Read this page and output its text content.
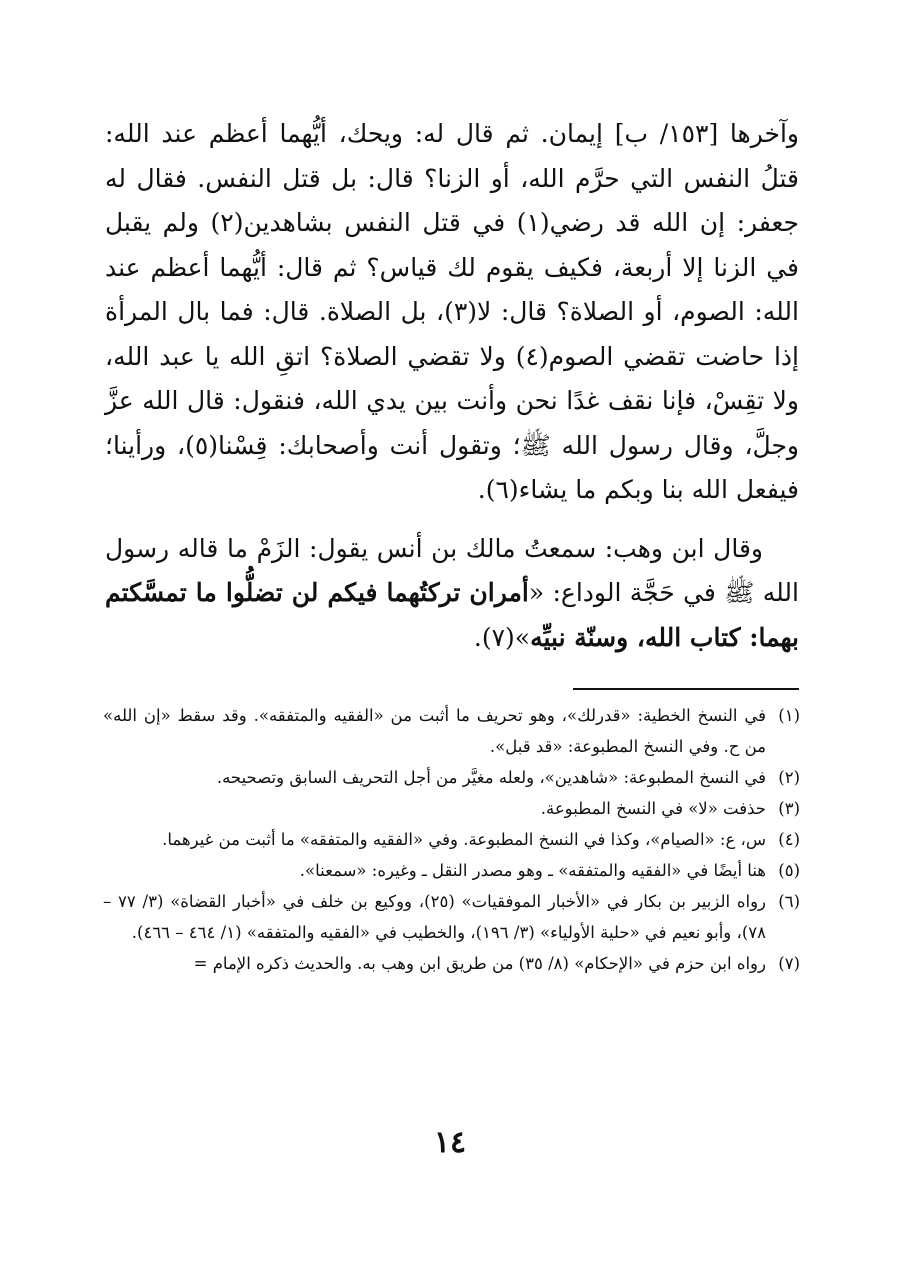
وآخرها [١٥٣/ ب] إيمان. ثم قال له: ويحك، أيُّهما أعظم عند الله: قتلُ النفس التي حرَّم الله، أو الزنا؟ قال: بل قتل النفس. فقال له جعفر: إن الله قد رضي(١) في قتل النفس بشاهدين(٢) ولم يقبل في الزنا إلا أربعة، فكيف يقوم لك قياس؟ ثم قال: أيُّهما أعظم عند الله: الصوم، أو الصلاة؟ قال: لا(٣)، بل الصلاة. قال: فما بال المرأة إذا حاضت تقضي الصوم(٤) ولا تقضي الصلاة؟ اتقِ الله يا عبد الله، ولا تقِسْ، فإنا نقف غدًا نحن وأنت بين يدي الله، فنقول: قال الله عزَّ وجلَّ، وقال رسول الله ﷺ؛ وتقول أنت وأصحابك: قِسْنا(٥)، ورأينا؛ فيفعل الله بنا وبكم ما يشاء(٦).

وقال ابن وهب: سمعتُ مالك بن أنس يقول: الزَمْ ما قاله رسول الله ﷺ في حَجَّة الوداع: «أمران تركتُهما فيكم لن تضلُّوا ما تمسَّكتم بهما: كتاب الله، وسنّة نبيِّه»(٧).

(١)
في النسخ الخطية: «قدرلك»، وهو تحريف ما أثبت من «الفقيه والمتفقه». وقد سقط «إن الله» من ح. وفي النسخ المطبوعة: «قد قبل».
(٢)
في النسخ المطبوعة: «شاهدين»، ولعله مغيَّر من أجل التحريف السابق وتصحيحه.
(٣)
حذفت «لا» في النسخ المطبوعة.
(٤)
س، ع: «الصيام»، وكذا في النسخ المطبوعة. وفي «الفقيه والمتفقه» ما أثبت من غيرهما.
(٥)
هنا أيضًا في «الفقيه والمتفقه» ـ وهو مصدر النقل ـ وغيره: «سمعنا».
(٦)
رواه الزبير بن بكار في «الأخبار الموفقيات» (٢٥)، ووكيع بن خلف في «أخبار القضاة» (٣/ ٧٧ – ٧٨)، وأبو نعيم في «حلية الأولياء» (٣/ ١٩٦)، والخطيب في «الفقيه والمتفقه» (١/ ٤٦٤ – ٤٦٦).
(٧)
رواه ابن حزم في «الإحكام» (٨/ ٣٥) من طريق ابن وهب به. والحديث ذكره الإمام =
١٤
